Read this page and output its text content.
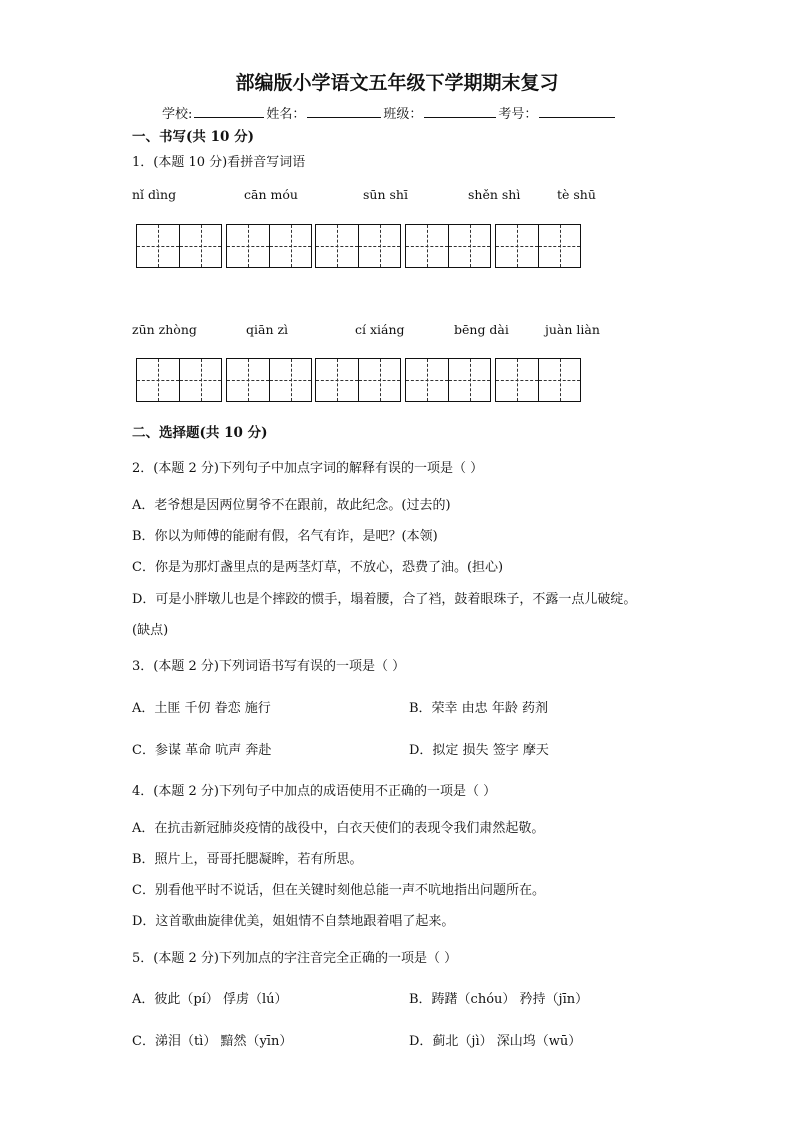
部编版小学语文五年级下学期期末复习
学校:	姓名：	班级：	考号：
一、书写(共 10 分)
1．(本题 10 分)看拼音写词语
nǐ dìng	cān móu	sūn shī	shěn shì	tè shū
zūn zhòng	qiān zì	cí xiáng	bēng dài	juàn liàn
二、选择题(共 10 分)
2．(本题 2 分)下列句子中加点字词的解释有误的一项是（ ）
A．老爷想是因两位舅爷不在跟前，故此纪念。(过去的)
B．你以为师傅的能耐有假，名气有诈，是吧？(本领)
C．你是为那灯盏里点的是两茎灯草，不放心，恐费了油。(担心)
D．可是小胖墩儿也是个摔跤的惯手，塌着腰，合了裆，鼓着眼珠子，不露一点儿破绽。
(缺点)
3．(本题 2 分)下列词语书写有误的一项是（ ）
A．土匪 千仞 眷恋 施行	B．荣幸 由忠 年龄 药剂
C．参谋 革命 吭声 奔赴	D．拟定 损失 签字 摩天
4．(本题 2 分)下列句子中加点的成语使用不正确的一项是（ ）
A．在抗击新冠肺炎疫情的战役中，白衣天使们的表现令我们肃然起敬。
B．照片上，哥哥托腮凝眸，若有所思。
C．别看他平时不说话，但在关键时刻他总能一声不吭地指出问题所在。
D．这首歌曲旋律优美，姐姐情不自禁地跟着唱了起来。
5．(本题 2 分)下列加点的字注音完全正确的一项是（ ）
A．彼此（pí） 俘虏（lú）	B．踌躇（chóu） 矜持（jīn）
C．涕泪（tì） 黯然（yīn）	D．蓟北（jì） 深山坞（wū）
